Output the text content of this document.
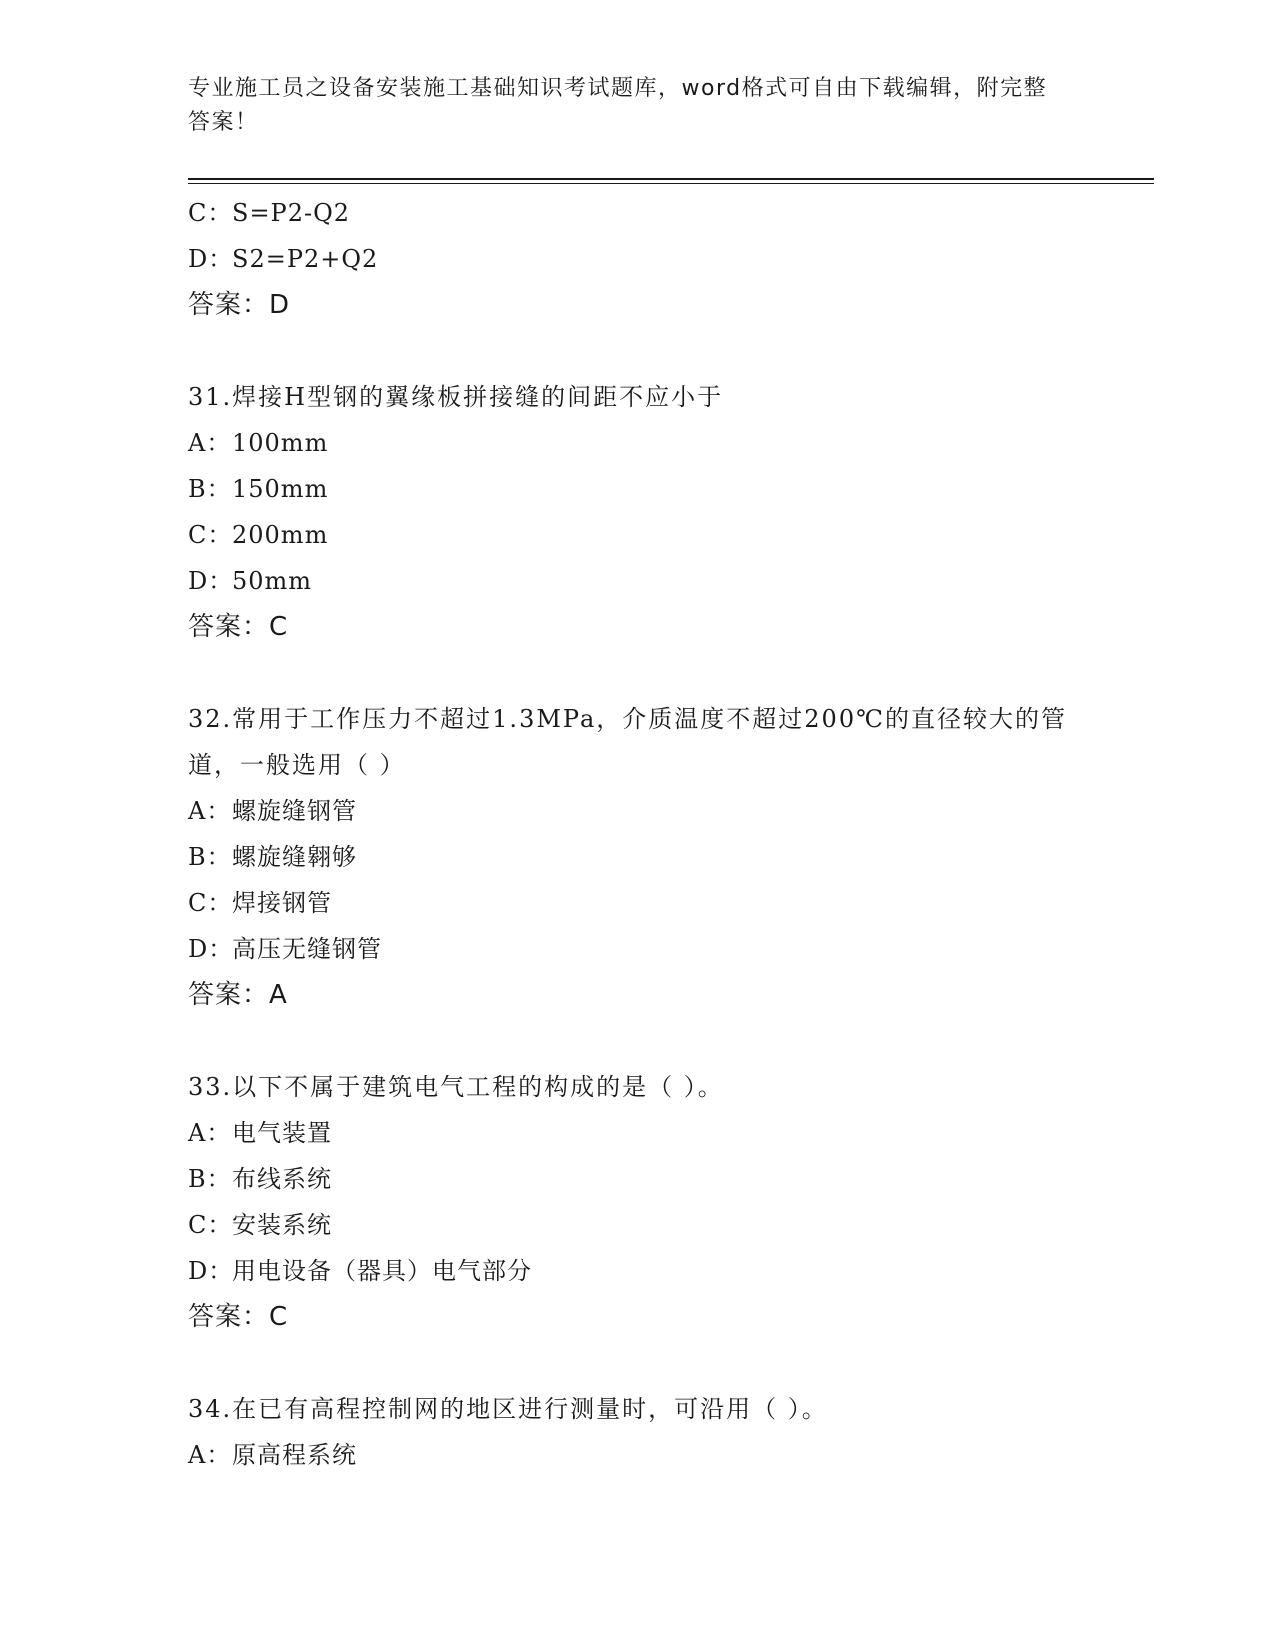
专业施工员之设备安装施工基础知识考试题库，word格式可自由下载编辑，附完整答案！
C：S=P2-Q2
D：S2=P2+Q2
答案：D
31.焊接H型钢的翼缘板拼接缝的间距不应小于
A：100mm
B：150mm
C：200mm
D：50mm
答案：C
32.常用于工作压力不超过1.3MPa，介质温度不超过200℃的直径较大的管道，一般选用（ ）
A：螺旋缝钢管
B：螺旋缝翱够
C：焊接钢管
D：高压无缝钢管
答案：A
33.以下不属于建筑电气工程的构成的是（ ）。
A：电气装置
B：布线系统
C：安装系统
D：用电设备（器具）电气部分
答案：C
34.在已有高程控制网的地区进行测量时，可沿用（ ）。
A：原高程系统
